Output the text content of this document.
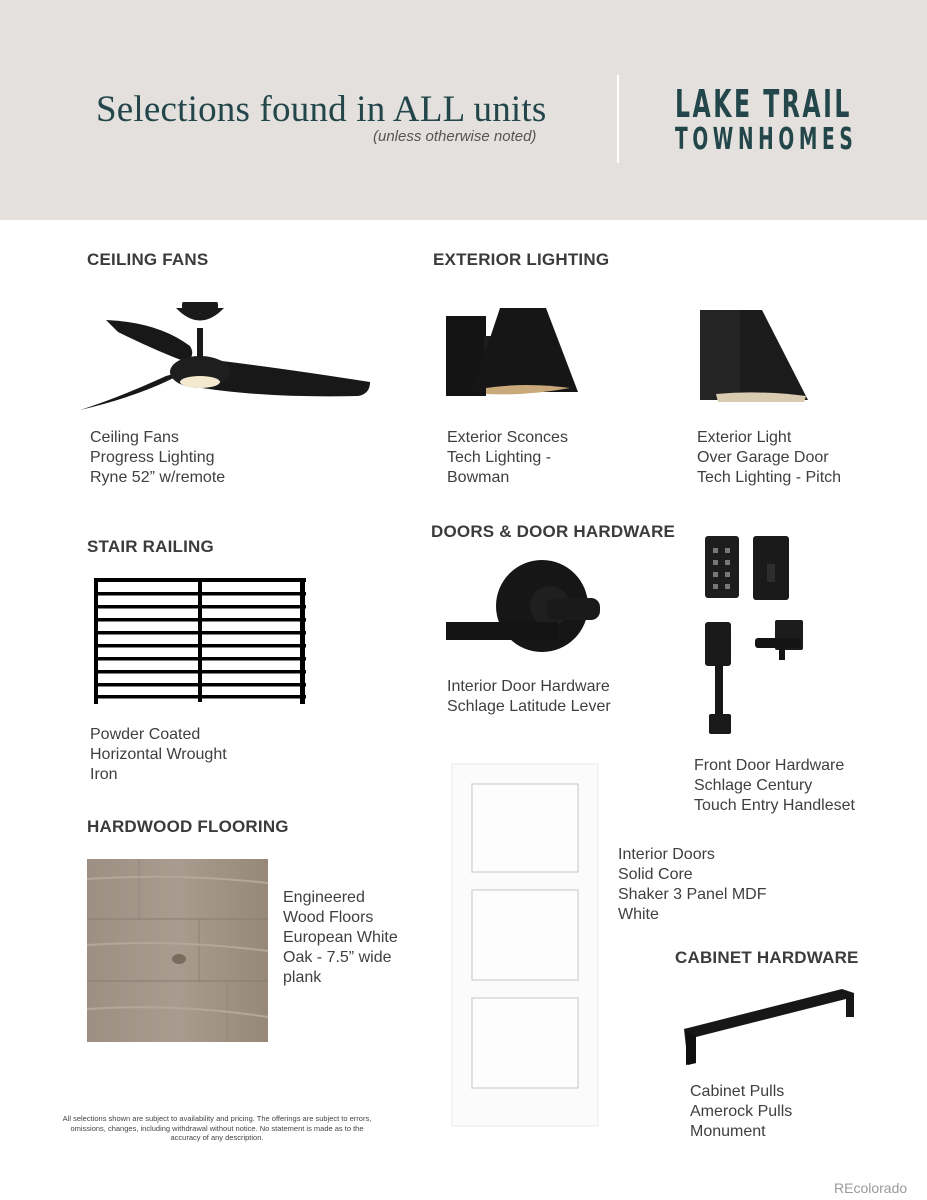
Selections found in ALL units
(unless otherwise noted)
LAKE TRAIL
TOWNHOMES
CEILING FANS	EXTERIOR LIGHTING
STAIR RAILING
DOORS & DOOR HARDWARE
HARDWOOD FLOORING
CABINET HARDWARE
Ceiling Fans
Progress Lighting
Ryne 52” w/remote
Exterior Sconces
Tech Lighting -
Bowman
Exterior Light
Over Garage Door
Tech Lighting - Pitch
Powder Coated
Horizontal Wrought
Iron
Interior Door Hardware
Schlage Latitude Lever
Front Door Hardware
Schlage Century
Touch Entry Handleset
Interior Doors
Solid Core
Shaker 3 Panel MDF
White
Engineered
Wood Floors
European White
Oak - 7.5” wide
plank
Cabinet Pulls
Amerock Pulls
Monument
All selections shown are subject to availability and pricing. The offerings are subject to errors, omissions, changes, including withdrawal without notice. No statement is made as to the accuracy of any description.
REcolorado
